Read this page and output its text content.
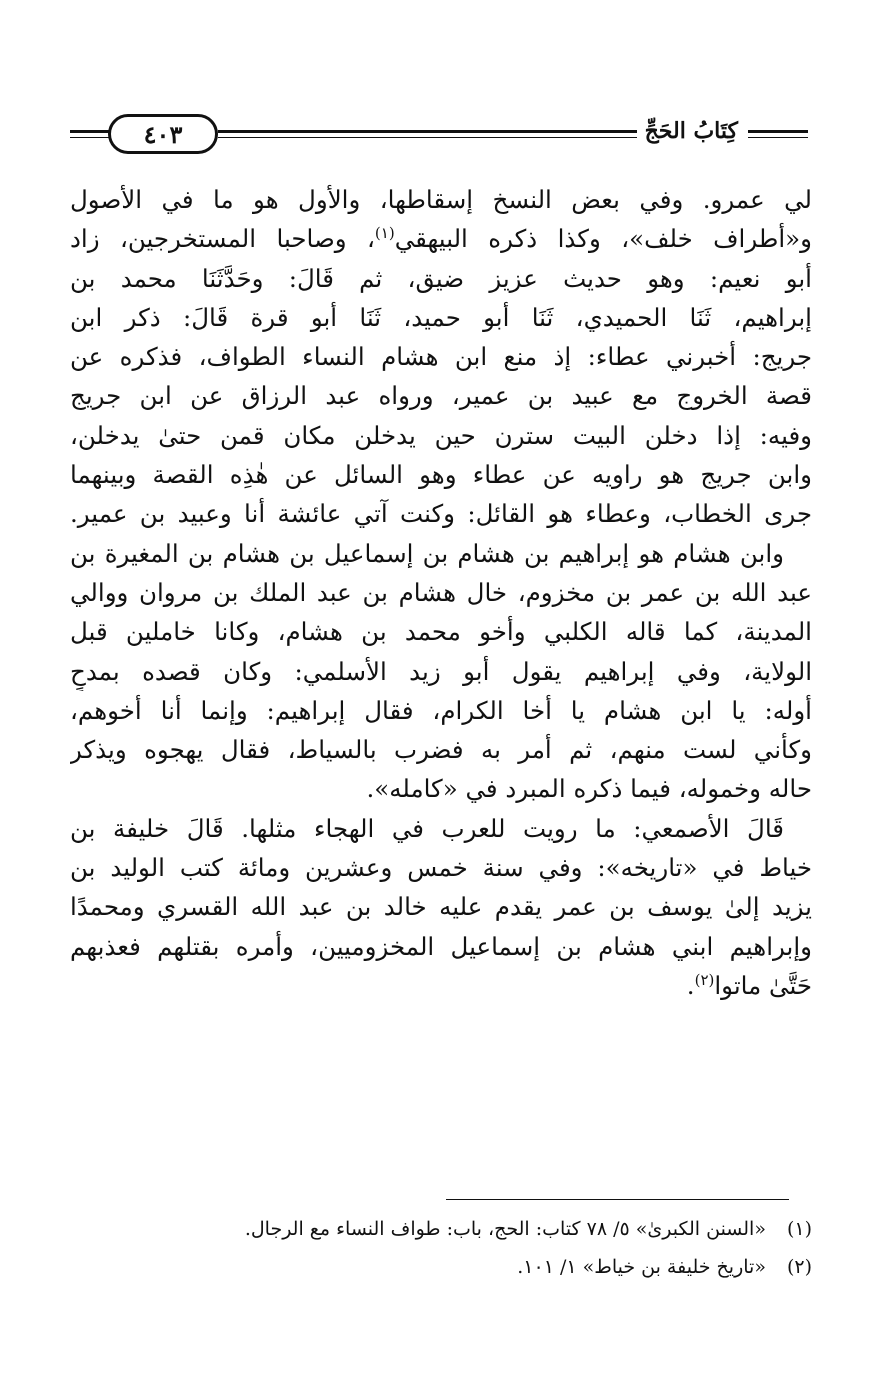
كِتَابُ الحَجِّ
٤٠٣
لي عمرو. وفي بعض النسخ إسقاطها، والأول هو ما في الأصول
و«أطراف خلف»، وكذا ذكره البيهقي$^{(١)}$، وصاحبا المستخرجين، زاد
أبو نعيم: وهو حديث عزيز ضيق، ثم قَالَ: وحَدَّثَنَا محمد بن
إبراهيم، ثَنَا الحميدي، ثَنَا أبو حميد، ثَنَا أبو قرة قَالَ: ذكر ابن
جريج: أخبرني عطاء: إذ منع ابن هشام النساء الطواف، فذكره عن
قصة الخروج مع عبيد بن عمير، ورواه عبد الرزاق عن ابن جريج
وفيه: إذا دخلن البيت سترن حين يدخلن مكان قمن حتىٰ يدخلن،
وابن جريج هو راويه عن عطاء وهو السائل عن هٰذِه القصة وبينهما
جرى الخطاب، وعطاء هو القائل: وكنت آتي عائشة أنا وعبيد بن عمير.
وابن هشام هو إبراهيم بن هشام بن إسماعيل بن هشام بن المغيرة بن
عبد الله بن عمر بن مخزوم، خال هشام بن عبد الملك بن مروان ووالي
المدينة، كما قاله الكلبي وأخو محمد بن هشام، وكانا خاملين قبل
الولاية، وفي إبراهيم يقول أبو زيد الأسلمي: وكان قصده بمدحٍ
أوله: يا ابن هشام يا أخا الكرام، فقال إبراهيم: وإنما أنا أخوهم،
وكأني لست منهم، ثم أمر به فضرب بالسياط، فقال يهجوه ويذكر
حاله وخموله، فيما ذكره المبرد في «كامله».
قَالَ الأصمعي: ما رويت للعرب في الهجاء مثلها. قَالَ خليفة بن
خياط في «تاريخه»: وفي سنة خمس وعشرين ومائة كتب الوليد بن
يزيد إلىٰ يوسف بن عمر يقدم عليه خالد بن عبد الله القسري ومحمدًا
وإبراهيم ابني هشام بن إسماعيل المخزوميين، وأمره بقتلهم فعذبهم
حَتَّىٰ ماتوا$^{(٢)}$.
(١) «السنن الكبرىٰ» ٥/ ٧٨ كتاب: الحج، باب: طواف النساء مع الرجال.
(٢) «تاريخ خليفة بن خياط» ١/ ١٠١.
